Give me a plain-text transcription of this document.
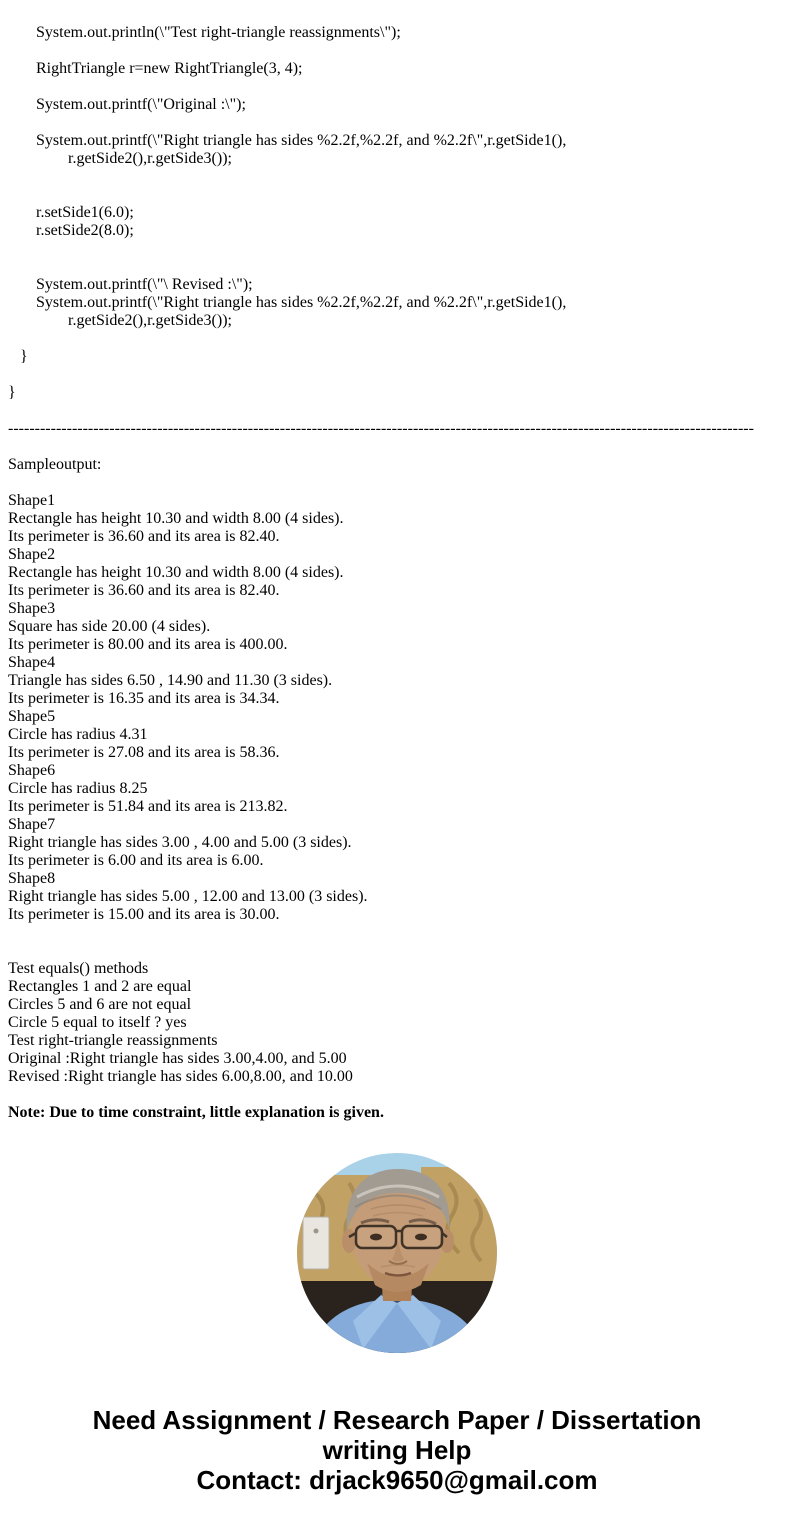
System.out.println(\"Test right-triangle reassignments\");
RightTriangle r=new RightTriangle(3, 4);
System.out.printf(\"Original :\");
System.out.printf(\"Right triangle has sides %2.2f,%2.2f, and %2.2f\",r.getSide1(),
r.getSide2(),r.getSide3());
r.setSide1(6.0);
r.setSide2(8.0);
System.out.printf(\"\ Revised :\");
System.out.printf(\"Right triangle has sides %2.2f,%2.2f, and %2.2f\",r.getSide1(),
r.getSide2(),r.getSide3());
}
}
--------------------------------------------------------------------------------------------------------------------------------------------
Sampleoutput:
Shape1
Rectangle has height 10.30 and width 8.00 (4 sides).
Its perimeter is 36.60 and its area is 82.40.
Shape2
Rectangle has height 10.30 and width 8.00 (4 sides).
Its perimeter is 36.60 and its area is 82.40.
Shape3
Square has side 20.00 (4 sides).
Its perimeter is 80.00 and its area is 400.00.
Shape4
Triangle has sides 6.50 , 14.90 and 11.30 (3 sides).
Its perimeter is 16.35 and its area is 34.34.
Shape5
Circle has radius 4.31
Its perimeter is 27.08 and its area is 58.36.
Shape6
Circle has radius 8.25
Its perimeter is 51.84 and its area is 213.82.
Shape7
Right triangle has sides 3.00 , 4.00 and 5.00 (3 sides).
Its perimeter is 6.00 and its area is 6.00.
Shape8
Right triangle has sides 5.00 , 12.00 and 13.00 (3 sides).
Its perimeter is 15.00 and its area is 30.00.
Test equals() methods
Rectangles 1 and 2 are equal
Circles 5 and 6 are not equal
Circle 5 equal to itself ? yes
Test right-triangle reassignments
Original :Right triangle has sides 3.00,4.00, and 5.00
Revised :Right triangle has sides 6.00,8.00, and 10.00
Note: Due to time constraint, little explanation is given.
Need Assignment / Research Paper / Dissertation
writing Help
Contact: drjack9650@gmail.com
